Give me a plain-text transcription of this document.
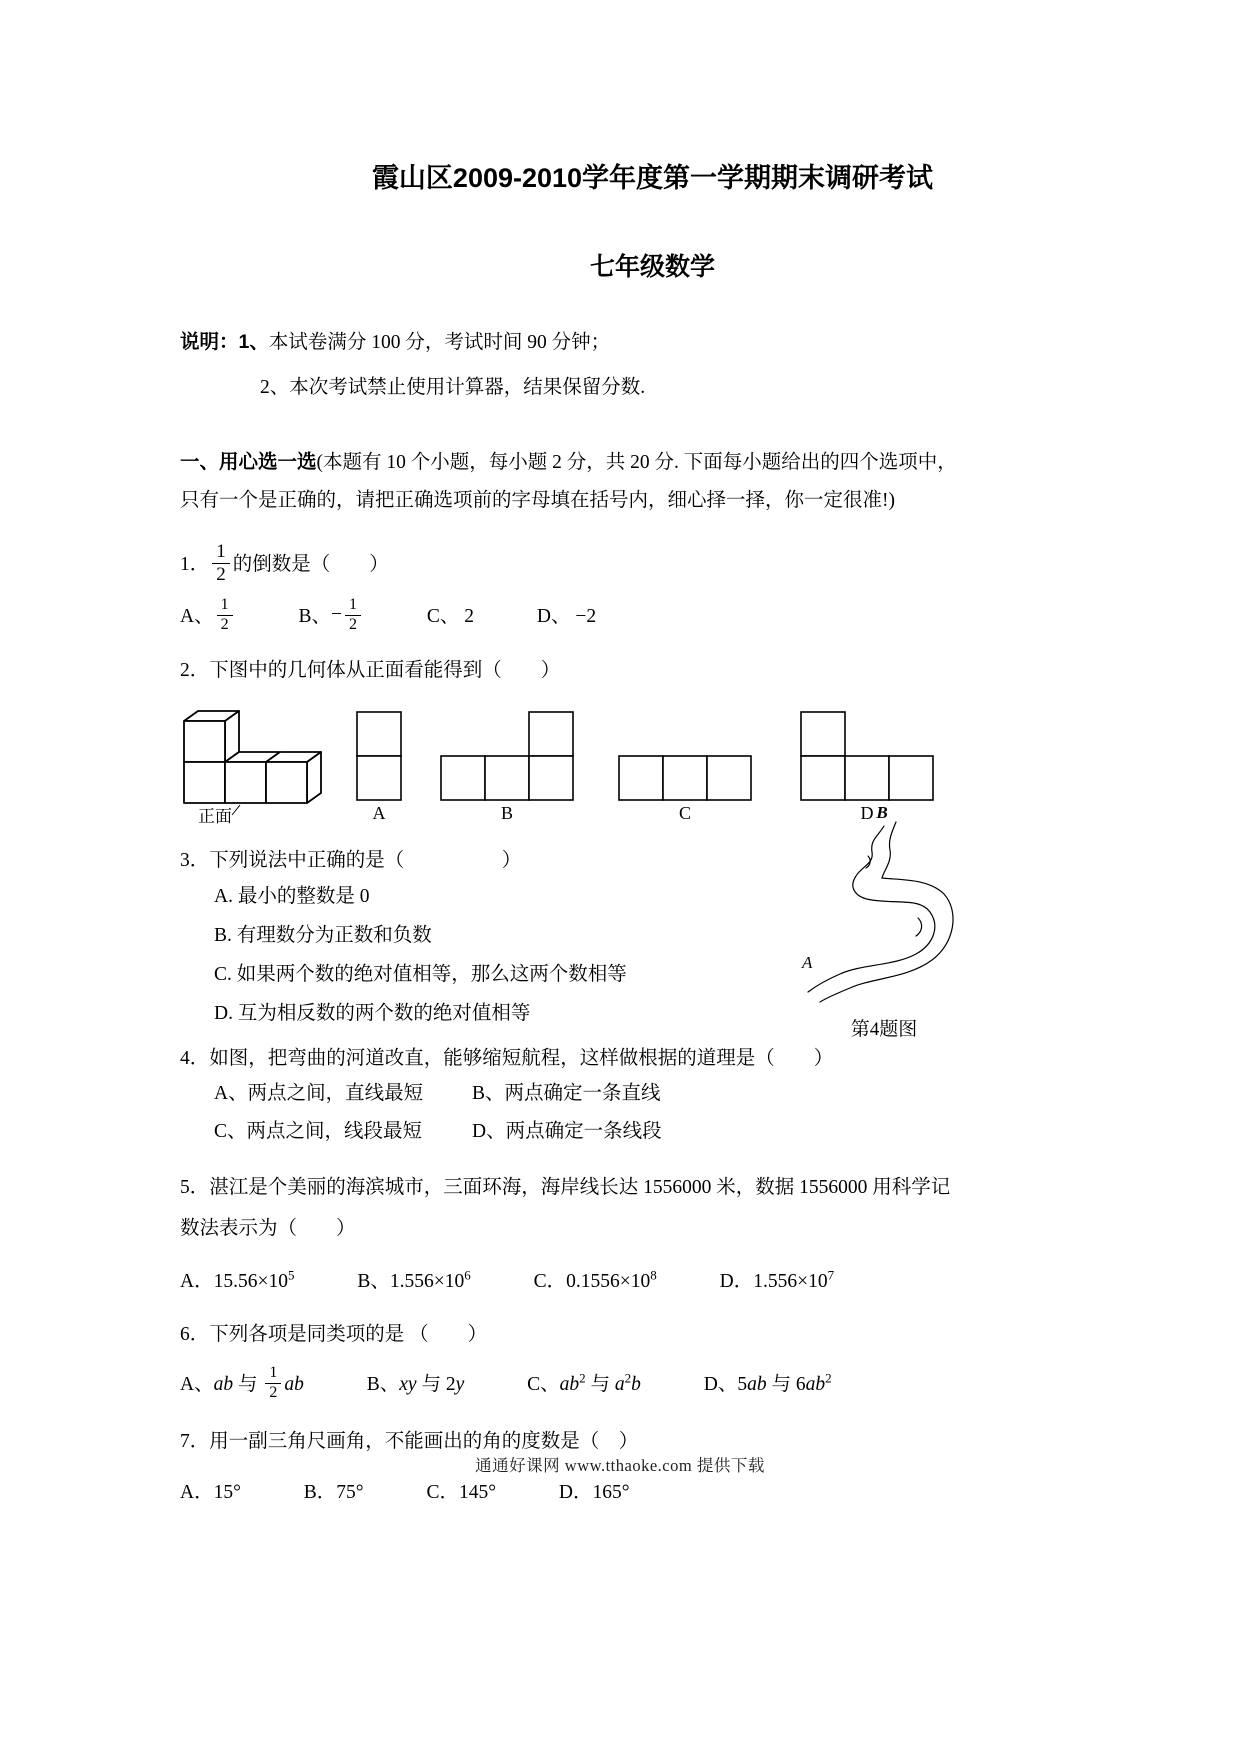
霞山区2009-2010学年度第一学期期末调研考试
七年级数学
说明：1、本试卷满分 100 分，考试时间 90 分钟；
2、本次考试禁止使用计算器，结果保留分数.
一、用心选一选(本题有 10 个小题，每小题 2 分，共 20 分. 下面每小题给出的四个选项中，
只有一个是正确的，请把正确选项前的字母填在括号内，细心择一择，你一定很准!)
1． $\frac{1}{2}$ 的倒数是（　　）
A、 $\frac{1}{2}$	B、− $\frac{1}{2}$	C、 2	D、 −2
2．下图中的几何体从正面看能得到（　　）
正面	A	B	C	D
3．下列说法中正确的是（　　　　　）
A. 最小的整数是 0
B. 有理数分为正数和负数
C. 如果两个数的绝对值相等，那么这两个数相等
D. 互为相反数的两个数的绝对值相等
4．如图，把弯曲的河道改直，能够缩短航程，这样做根据的道理是（　　）
A、两点之间，直线最短	B、两点确定一条直线
C、两点之间，线段最短	D、两点确定一条线段
5．湛江是个美丽的海滨城市，三面环海，海岸线长达 1556000 米，数据 1556000 用科学记
数法表示为（　　）
A．$15.56\times 10^5$	B、$1.556\times 10^6$	C．$0.1556\times 10^8$	D．$1.556\times 10^7$
6．下列各项是同类项的是 （　　）
A、ab 与 $\frac{1}{2}$ ab	B、xy 与 2y	C、$ab^2$ 与 $a^2b$	D、5ab 与 $6ab^2$
7．用一副三角尺画角，不能画出的角的度数是（　）
A．15°	B．75°	C．145°	D．165°
B
A
第4题图
通通好课网 www.tthaoke.com 提供下载
